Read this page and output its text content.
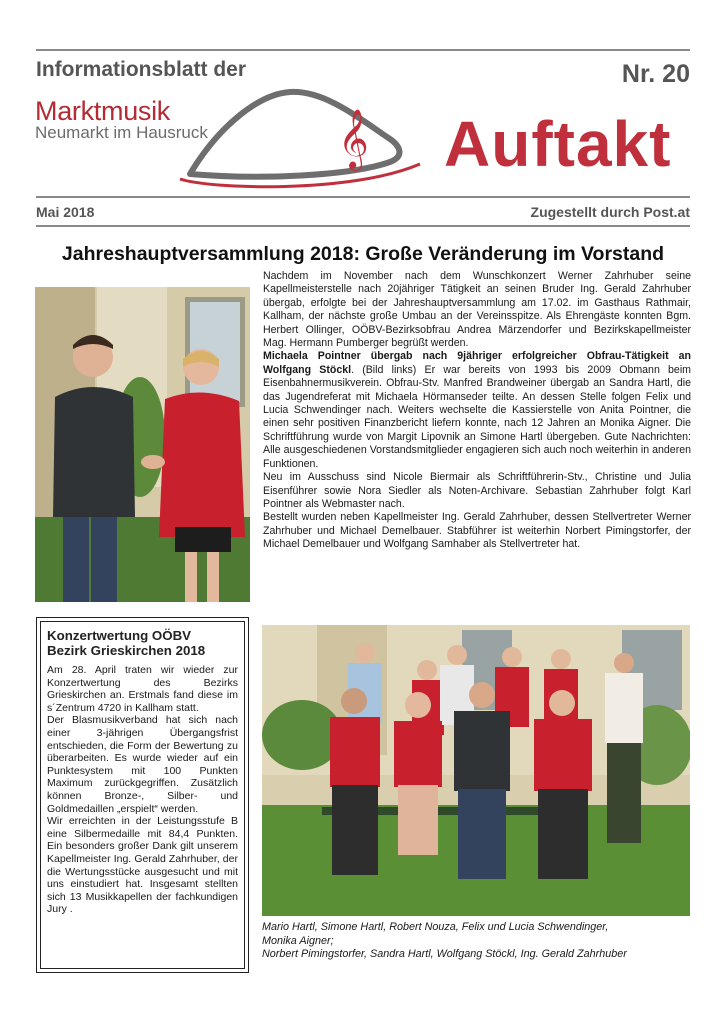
Informationsblatt der	Nr. 20
𝄞
Marktmusik
Neumarkt im Hausruck	Auftakt
Mai 2018	Zugestellt durch Post.at
Jahreshauptversammlung 2018: Große Veränderung im Vorstand

Nachdem im November nach dem Wunschkonzert Werner Zahrhuber seine Kapellmeisterstelle nach 20jähriger Tätigkeit an seinen Bruder Ing. Gerald Zahrhuber übergab, erfolgte bei der Jahreshauptversammlung am 17.02. im Gasthaus Rathmair, Kallham, der nächste große Umbau an der Vereinsspitze. Als Ehrengäste konnten Bgm. Herbert Ollinger, OÖBV-Bezirksobfrau Andrea Märzendorfer und Bezirkskapellmeister Mag. Hermann Pumberger begrüßt werden.

Michaela Pointner übergab nach 9jähriger erfolgreicher Obfrau-Tätigkeit an Wolfgang Stöckl. (Bild links) Er war bereits von 1993 bis 2009 Obmann beim Eisenbahnermusikverein. Obfrau-Stv. Manfred Brandweiner übergab an Sandra Hartl, die das Jugendreferat mit Michaela Hörmanseder teilte. An dessen Stelle folgen Felix und Lucia Schwendinger nach. Weiters wechselte die Kassierstelle von Anita Pointner, die einen sehr positiven Finanzbericht liefern konnte, nach 12 Jahren an Monika Aigner. Die Schriftführung wurde von Margit Lipovnik an Simone Hartl übergeben. Gute Nachrichten: Alle ausgeschiedenen Vorstandsmitglieder engagieren sich auch noch weiterhin in anderen Funktionen.

Neu im Ausschuss sind Nicole Biermair als Schriftführerin-Stv., Christine und Julia Eisenführer sowie Nora Siedler als Noten-Archivare. Sebastian Zahrhuber folgt Karl Pointner als Webmaster nach.

Bestellt wurden neben Kapellmeister Ing. Gerald Zahrhuber, dessen Stellvertreter Werner Zahrhuber und Michael Demelbauer. Stabführer ist weiterhin Norbert Pimingstorfer, der Michael Demelbauer und Wolfgang Samhaber als Stellvertreter hat.

Konzertwertung OÖBV
Bezirk Grieskirchen 2018

Am 28. April traten wir wieder zur Konzertwertung des Bezirks Grieskirchen an. Erstmals fand diese im s´Zentrum 4720 in Kallham statt.

Der Blasmusikverband hat sich nach einer 3-jährigen Übergangsfrist entschieden, die Form der Bewertung zu überarbeiten. Es wurde wieder auf ein Punktesystem mit 100 Punkten Maximum zurückgegriffen. Zusätzlich können Bronze-, Silber- und Goldmedaillen „erspielt“ werden.

Wir erreichten in der Leistungsstufe B eine Silbermedaille mit 84,4 Punkten. Ein besonders großer Dank gilt unserem Kapellmeister Ing. Gerald Zahrhuber, der die Wertungsstücke ausgesucht und mit uns einstudiert hat. Insgesamt stellten sich 13 Musikkapellen der fachkundigen Jury .

Mario Hartl, Simone Hartl, Robert Nouza, Felix und Lucia Schwendinger,
Monika Aigner;
Norbert Pimingstorfer, Sandra Hartl, Wolfgang Stöckl, Ing. Gerald Zahrhuber
